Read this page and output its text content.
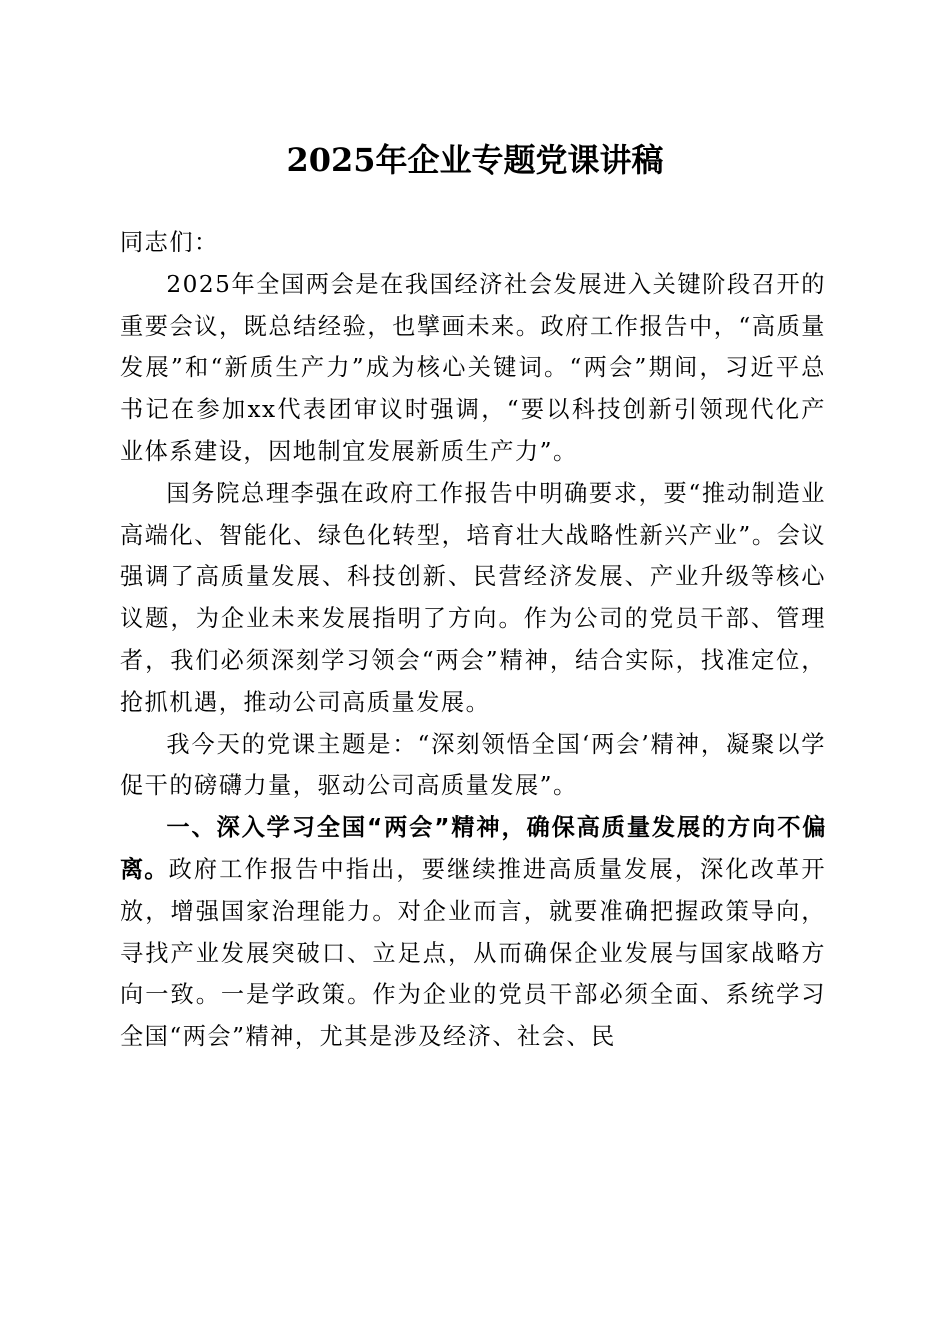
2025年企业专题党课讲稿

同志们：

2025年全国两会是在我国经济社会发展进入关键阶段召开的重要会议，既总结经验，也擘画未来。政府工作报告中，“高质量发展”和“新质生产力”成为核心关键词。“两会”期间，习近平总书记在参加xx代表团审议时强调，“要以科技创新引领现代化产业体系建设，因地制宜发展新质生产力”。

国务院总理李强在政府工作报告中明确要求，要“推动制造业高端化、智能化、绿色化转型，培育壮大战略性新兴产业”。会议强调了高质量发展、科技创新、民营经济发展、产业升级等核心议题，为企业未来发展指明了方向。作为公司的党员干部、管理者，我们必须深刻学习领会“两会”精神，结合实际，找准定位，抢抓机遇，推动公司高质量发展。

我今天的党课主题是：“深刻领悟全国‘两会’精神，凝聚以学促干的磅礴力量，驱动公司高质量发展”。

一、深入学习全国“两会”精神，确保高质量发展的方向不偏离。政府工作报告中指出，要继续推进高质量发展，深化改革开放，增强国家治理能力。对企业而言，就要准确把握政策导向，寻找产业发展突破口、立足点，从而确保企业发展与国家战略方向一致。一是学政策。作为企业的党员干部必须全面、系统学习全国“两会”精神，尤其是涉及经济、社会、民
